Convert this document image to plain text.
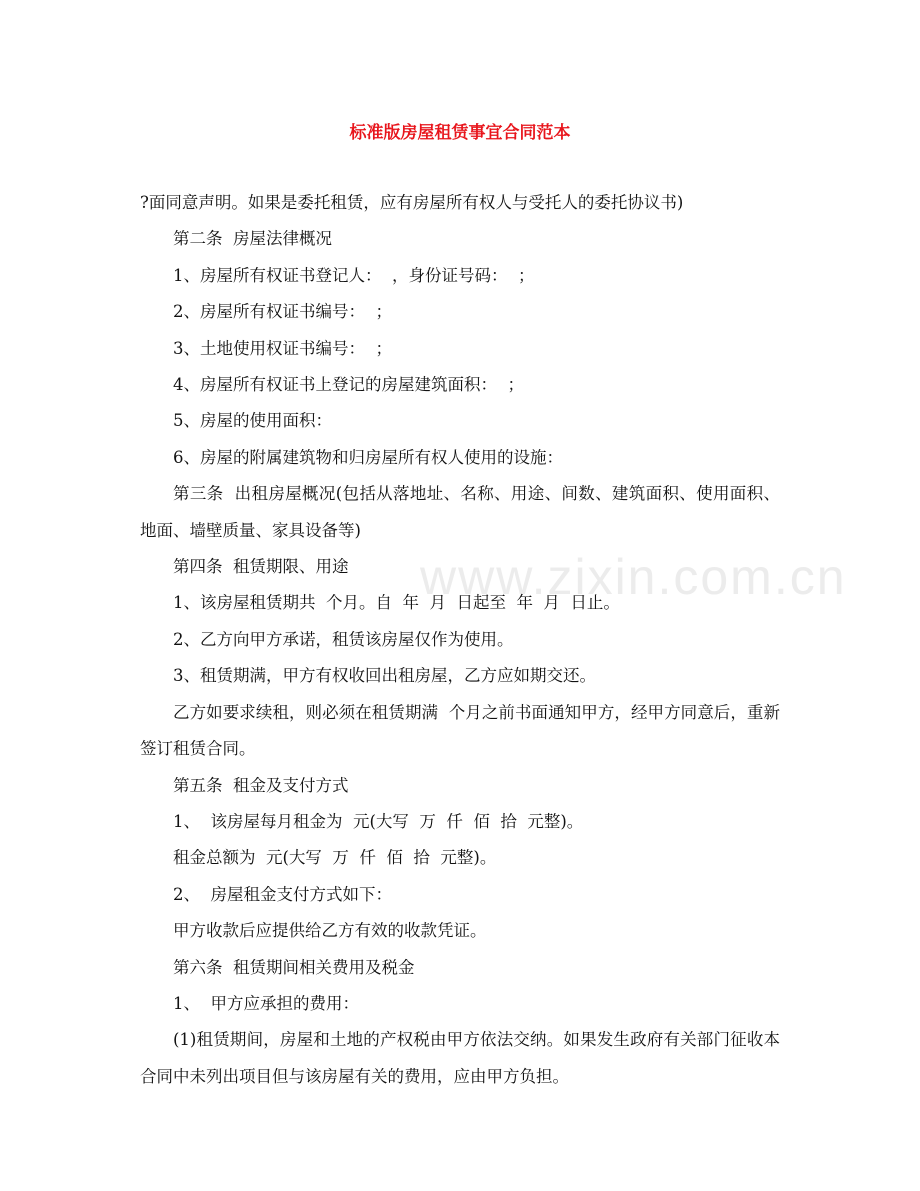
标准版房屋租赁事宜合同范本
www.zixin.com.cn

?面同意声明。如果是委托租赁，应有房屋所有权人与受托人的委托协议书)

第二条  房屋法律概况

1、房屋所有权证书登记人：  ，身份证号码：  ；

2、房屋所有权证书编号：  ；

3、土地使用权证书编号：  ；

4、房屋所有权证书上登记的房屋建筑面积：  ；

5、房屋的使用面积：

6、房屋的附属建筑物和归房屋所有权人使用的设施：

第三条  出租房屋概况(包括从落地址、名称、用途、间数、建筑面积、使用面积、地面、墙壁质量、家具设备等)

第四条  租赁期限、用途

1、该房屋租赁期共  个月。自  年  月  日起至  年  月  日止。

2、乙方向甲方承诺，租赁该房屋仅作为使用。

3、租赁期满，甲方有权收回出租房屋，乙方应如期交还。

乙方如要求续租，则必须在租赁期满  个月之前书面通知甲方，经甲方同意后，重新签订租赁合同。

第五条  租金及支付方式

1、  该房屋每月租金为  元(大写  万  仟  佰  拾  元整)。

租金总额为  元(大写  万  仟  佰  拾  元整)。

2、  房屋租金支付方式如下：

甲方收款后应提供给乙方有效的收款凭证。

第六条  租赁期间相关费用及税金

1、  甲方应承担的费用：

(1)租赁期间，房屋和土地的产权税由甲方依法交纳。如果发生政府有关部门征收本合同中未列出项目但与该房屋有关的费用，应由甲方负担。
